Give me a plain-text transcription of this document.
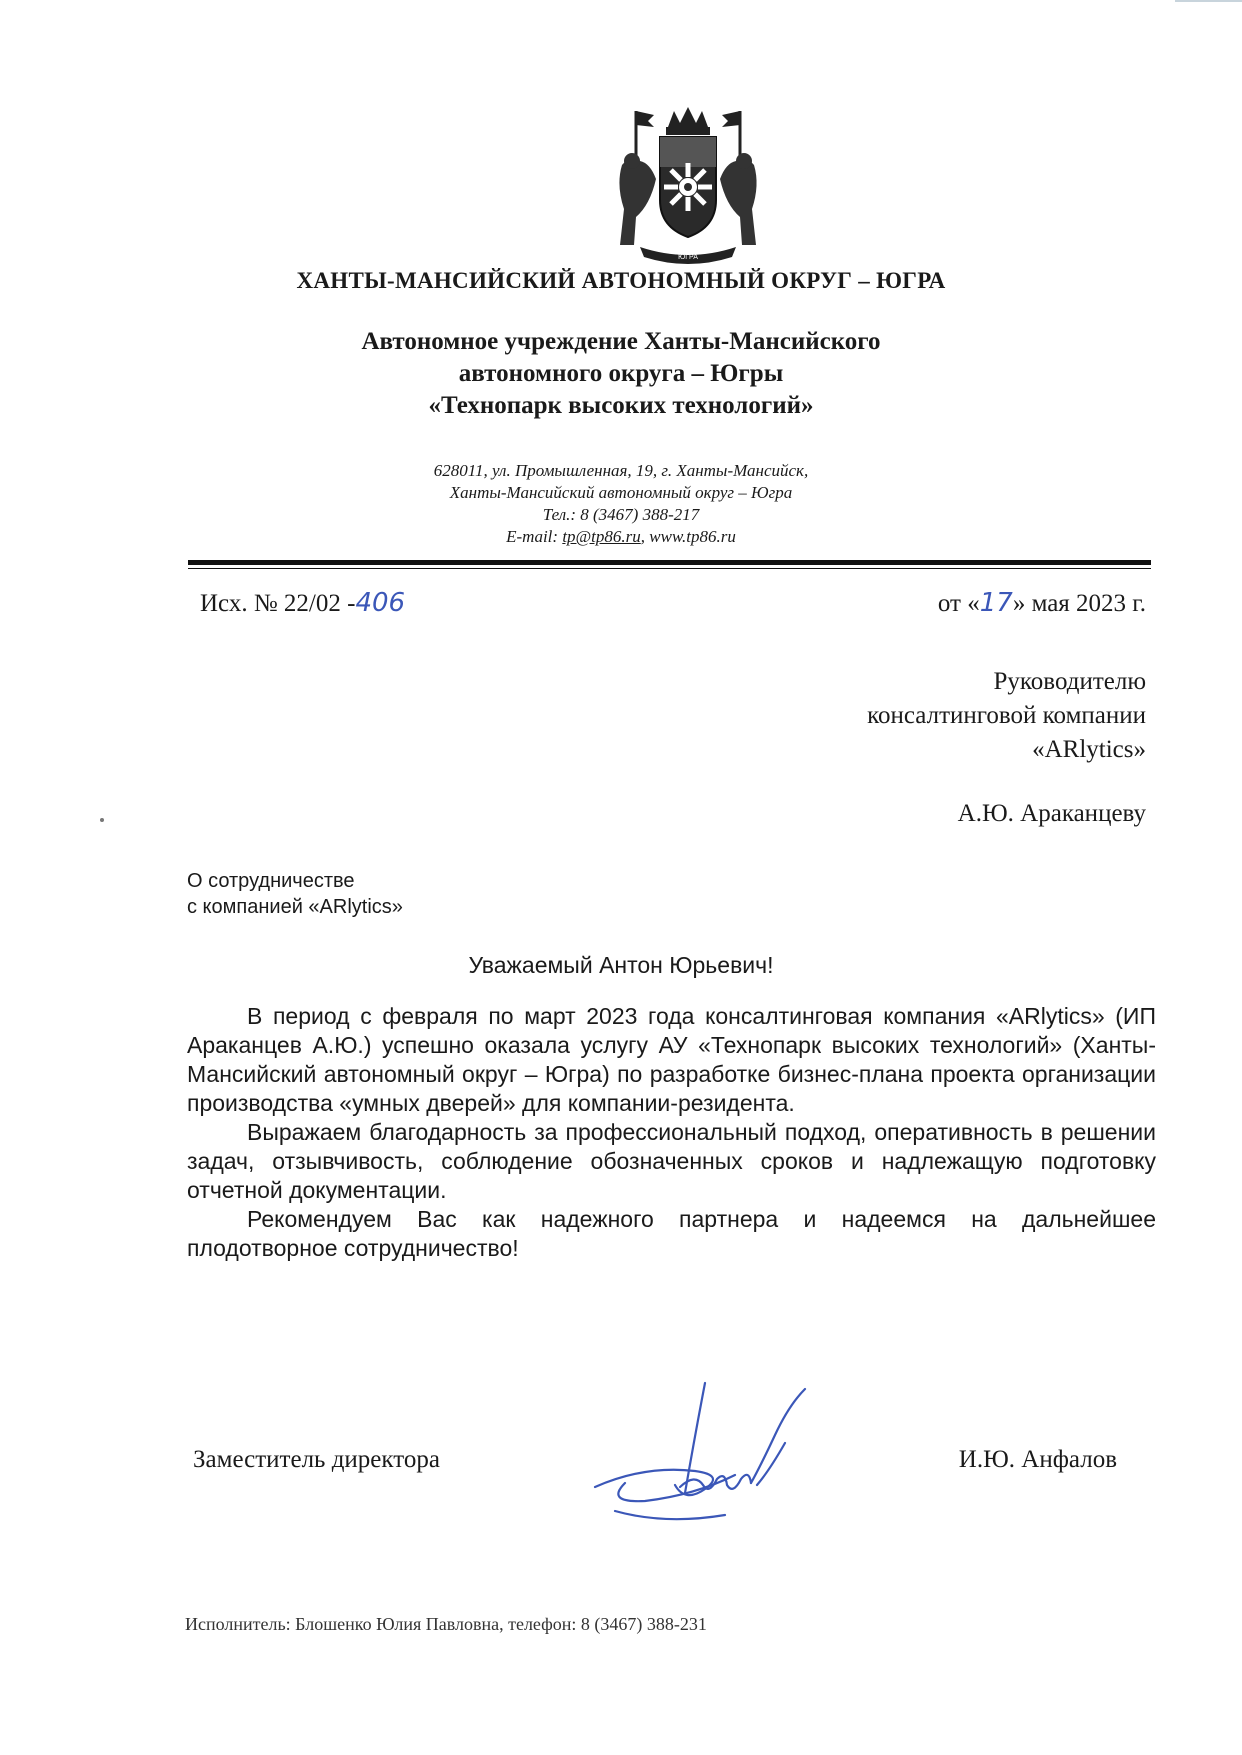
ЮГРА
ХАНТЫ-МАНСИЙСКИЙ АВТОНОМНЫЙ ОКРУГ – ЮГРА
Автономное учреждение Ханты-Мансийского
автономного округа – Югры
«Технопарк высоких технологий»
628011, ул. Промышленная, 19, г. Ханты-Мансийск,
Ханты-Мансийский автономный округ – Югра
Тел.: 8 (3467) 388-217
E-mail: tp@tp86.ru, www.tp86.ru
Исх. № 22/02 -406	от «17» мая 2023 г.
Руководителю
консалтинговой компании
«ARlytics»
А.Ю. Араканцеву
О сотрудничестве
с компанией «ARlytics»
Уважаемый Антон Юрьевич!

В период с февраля по март 2023 года консалтинговая компания «ARlytics» (ИП Араканцев А.Ю.) успешно оказала услугу АУ «Технопарк высоких технологий» (Ханты-Мансийский автономный округ – Югра) по разработке бизнес-плана проекта организации производства «умных дверей» для компании-резидента.

Выражаем благодарность за профессиональный подход, оперативность в решении задач, отзывчивость, соблюдение обозначенных сроков и надлежащую подготовку отчетной документации.

Рекомендуем Вас как надежного партнера и надеемся на дальнейшее плодотворное сотрудничество!

Заместитель директора	И.Ю. Анфалов
Исполнитель: Блошенко Юлия Павловна, телефон: 8 (3467) 388-231
